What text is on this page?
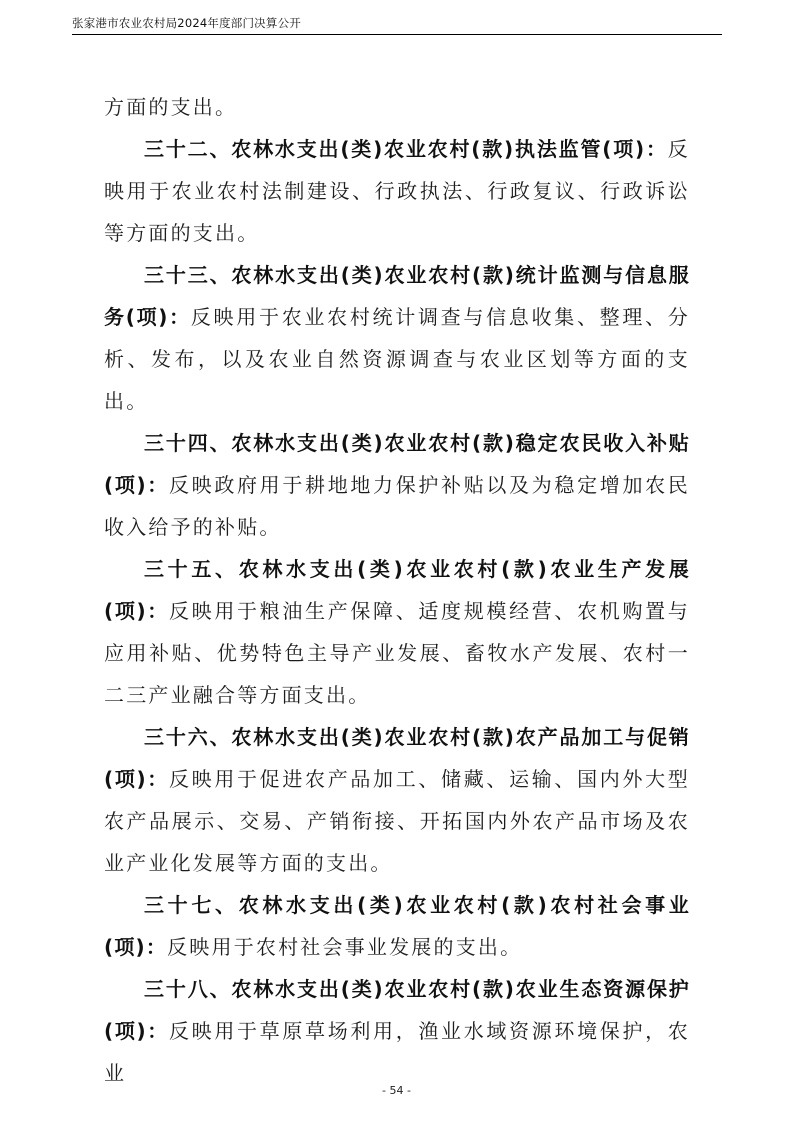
张家港市农业农村局2024年度部门决算公开

方面的支出。

三十二、农林水支出(类)农业农村(款)执法监管(项)：反映用于农业农村法制建设、行政执法、行政复议、行政诉讼等方面的支出。

三十三、农林水支出(类)农业农村(款)统计监测与信息服务(项)：反映用于农业农村统计调查与信息收集、整理、分析、发布，以及农业自然资源调查与农业区划等方面的支出。

三十四、农林水支出(类)农业农村(款)稳定农民收入补贴(项)：反映政府用于耕地地力保护补贴以及为稳定增加农民收入给予的补贴。

三十五、农林水支出(类)农业农村(款)农业生产发展(项)：反映用于粮油生产保障、适度规模经营、农机购置与应用补贴、优势特色主导产业发展、畜牧水产发展、农村一二三产业融合等方面支出。

三十六、农林水支出(类)农业农村(款)农产品加工与促销(项)：反映用于促进农产品加工、储藏、运输、国内外大型农产品展示、交易、产销衔接、开拓国内外农产品市场及农业产业化发展等方面的支出。

三十七、农林水支出(类)农业农村(款)农村社会事业(项)：反映用于农村社会事业发展的支出。

三十八、农林水支出(类)农业农村(款)农业生态资源保护(项)：反映用于草原草场利用，渔业水域资源环境保护，农业

- 54 -
